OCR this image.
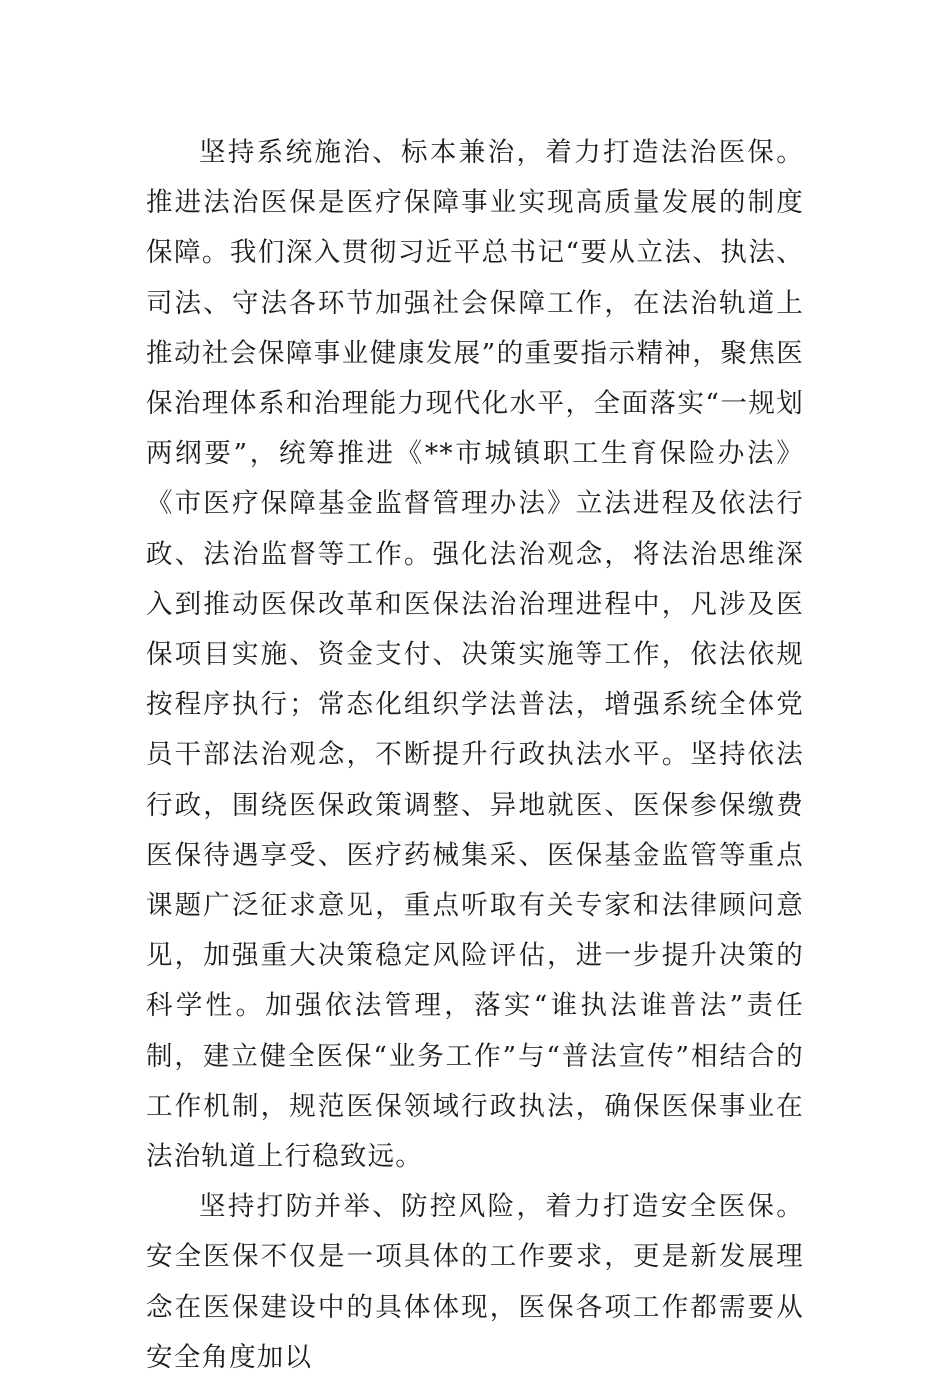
坚持系统施治、标本兼治，着力打造法治医保。推进法治医保是医疗保障事业实现高质量发展的制度保障。我们深入贯彻习近平总书记“要从立法、执法、司法、守法各环节加强社会保障工作，在法治轨道上推动社会保障事业健康发展”的重要指示精神，聚焦医保治理体系和治理能力现代化水平，全面落实“一规划两纲要”，统筹推进《**市城镇职工生育保险办法》《市医疗保障基金监督管理办法》立法进程及依法行政、法治监督等工作。强化法治观念，将法治思维深入到推动医保改革和医保法治治理进程中，凡涉及医保项目实施、资金支付、决策实施等工作，依法依规按程序执行；常态化组织学法普法，增强系统全体党员干部法治观念，不断提升行政执法水平。坚持依法行政，围绕医保政策调整、异地就医、医保参保缴费医保待遇享受、医疗药械集采、医保基金监管等重点课题广泛征求意见，重点听取有关专家和法律顾问意见，加强重大决策稳定风险评估，进一步提升决策的科学性。加强依法管理，落实“谁执法谁普法”责任制，建立健全医保“业务工作”与“普法宣传”相结合的工作机制，规范医保领域行政执法，确保医保事业在法治轨道上行稳致远。

坚持打防并举、防控风险，着力打造安全医保。安全医保不仅是一项具体的工作要求，更是新发展理念在医保建设中的具体体现，医保各项工作都需要从安全角度加以
